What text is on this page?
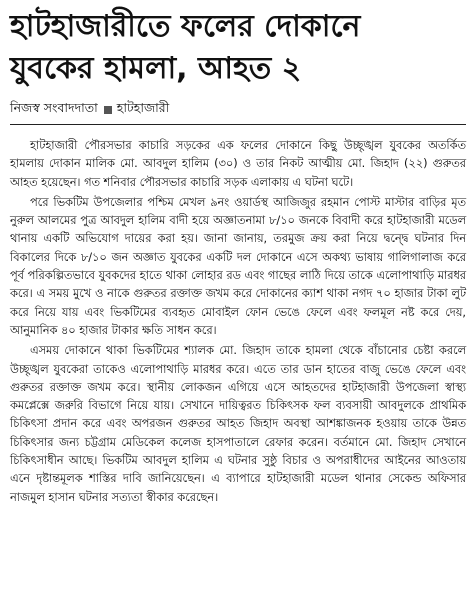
হাটহাজারীতে ফলের দোকানে
যুবকের হামলা, আহত ২
নিজস্ব সংবাদদাতা হাটহাজারী

হাটহাজারী পৌরসভার কাচারি সড়কের এক ফলের দোকানে কিছু উচ্ছৃঙ্খল যুবকের অতর্কিত হামলায় দোকান মালিক মো. আবদুল হালিম (৩০) ও তার নিকট আত্মীয় মো. জিহাদ (২২) গুরুতর আহত হয়েছেন। গত শনিবার পৌরসভার কাচারি সড়ক এলাকায় এ ঘটনা ঘটে।

পরে ভিকটিম উপজেলার পশ্চিম মেখল ৯নং ওয়ার্ডস্থ আজিজুর রহমান পোস্ট মাস্টার বাড়ির মৃত নুরুল আলমের পুত্র আবদুল হালিম বাদী হয়ে অজ্ঞাতনামা ৮/১০ জনকে বিবাদী করে হাটহাজারী মডেল থানায় একটি অভিযোগ দায়ের করা হয়। জানা জানায়, তরমুজ ক্রয় করা নিয়ে দ্বন্দ্বে ঘটনার দিন বিকালের দিকে ৮/১০ জন অজ্ঞাত যুবকের একটি দল দোকানে এসে অকথ্য ভাষায় গালিগালাজ করে পূর্ব পরিকল্পিতভাবে যুবকদের হাতে থাকা লোহার রড এবং গাছের লাঠি দিয়ে তাকে এলোপাথাড়ি মারধর করে। এ সময় মুখে ও নাকে গুরুতর রক্তাক্ত জখম করে দোকানের ক্যাশ থাকা নগদ ৭০ হাজার টাকা লুট করে নিয়ে যায় এবং ভিকটিমের ব্যবহৃত মোবাইল ফোন ভেঙে ফেলে এবং ফলমূল নষ্ট করে দেয়, আনুমানিক ৪০ হাজার টাকার ক্ষতি সাধন করে।

এসময় দোকানে থাকা ভিকটিমের শ্যালক মো. জিহাদ তাকে হামলা থেকে বাঁচানোর চেষ্টা করলে উচ্ছৃঙ্খল যুবকেরা তাকেও এলোপাথাড়ি মারধর করে। এতে তার ডান হাতের বাজু ভেঙে ফেলে এবং গুরুতর রক্তাক্ত জখম করে। স্থানীয় লোকজন এগিয়ে এসে আহতদের হাটহাজারী উপজেলা স্বাস্থ্য কমপ্লেক্সে জরুরি বিভাগে নিয়ে যায়। সেখানে দায়িত্বরত চিকিৎসক ফল ব্যবসায়ী আবদুলকে প্রাথমিক চিকিৎসা প্রদান করে এবং অপরজন গুরুতর আহত জিহাদ অবস্থা আশঙ্কাজনক হওয়ায় তাকে উন্নত চিকিৎসার জন্য চট্টগ্রাম মেডিকেল কলেজ হাসপাতালে রেফার করেন। বর্তমানে মো. জিহাদ সেখানে চিকিৎসাধীন আছে। ভিকটিম আবদুল হালিম এ ঘটনার সুষ্ঠু বিচার ও অপরাধীদের আইনের আওতায় এনে দৃষ্টান্তমূলক শাস্তির দাবি জানিয়েছেন। এ ব্যাপারে হাটহাজারী মডেল থানার সেকেন্ড অফিসার নাজমুল হাসান ঘটনার সত্যতা স্বীকার করেছেন।
